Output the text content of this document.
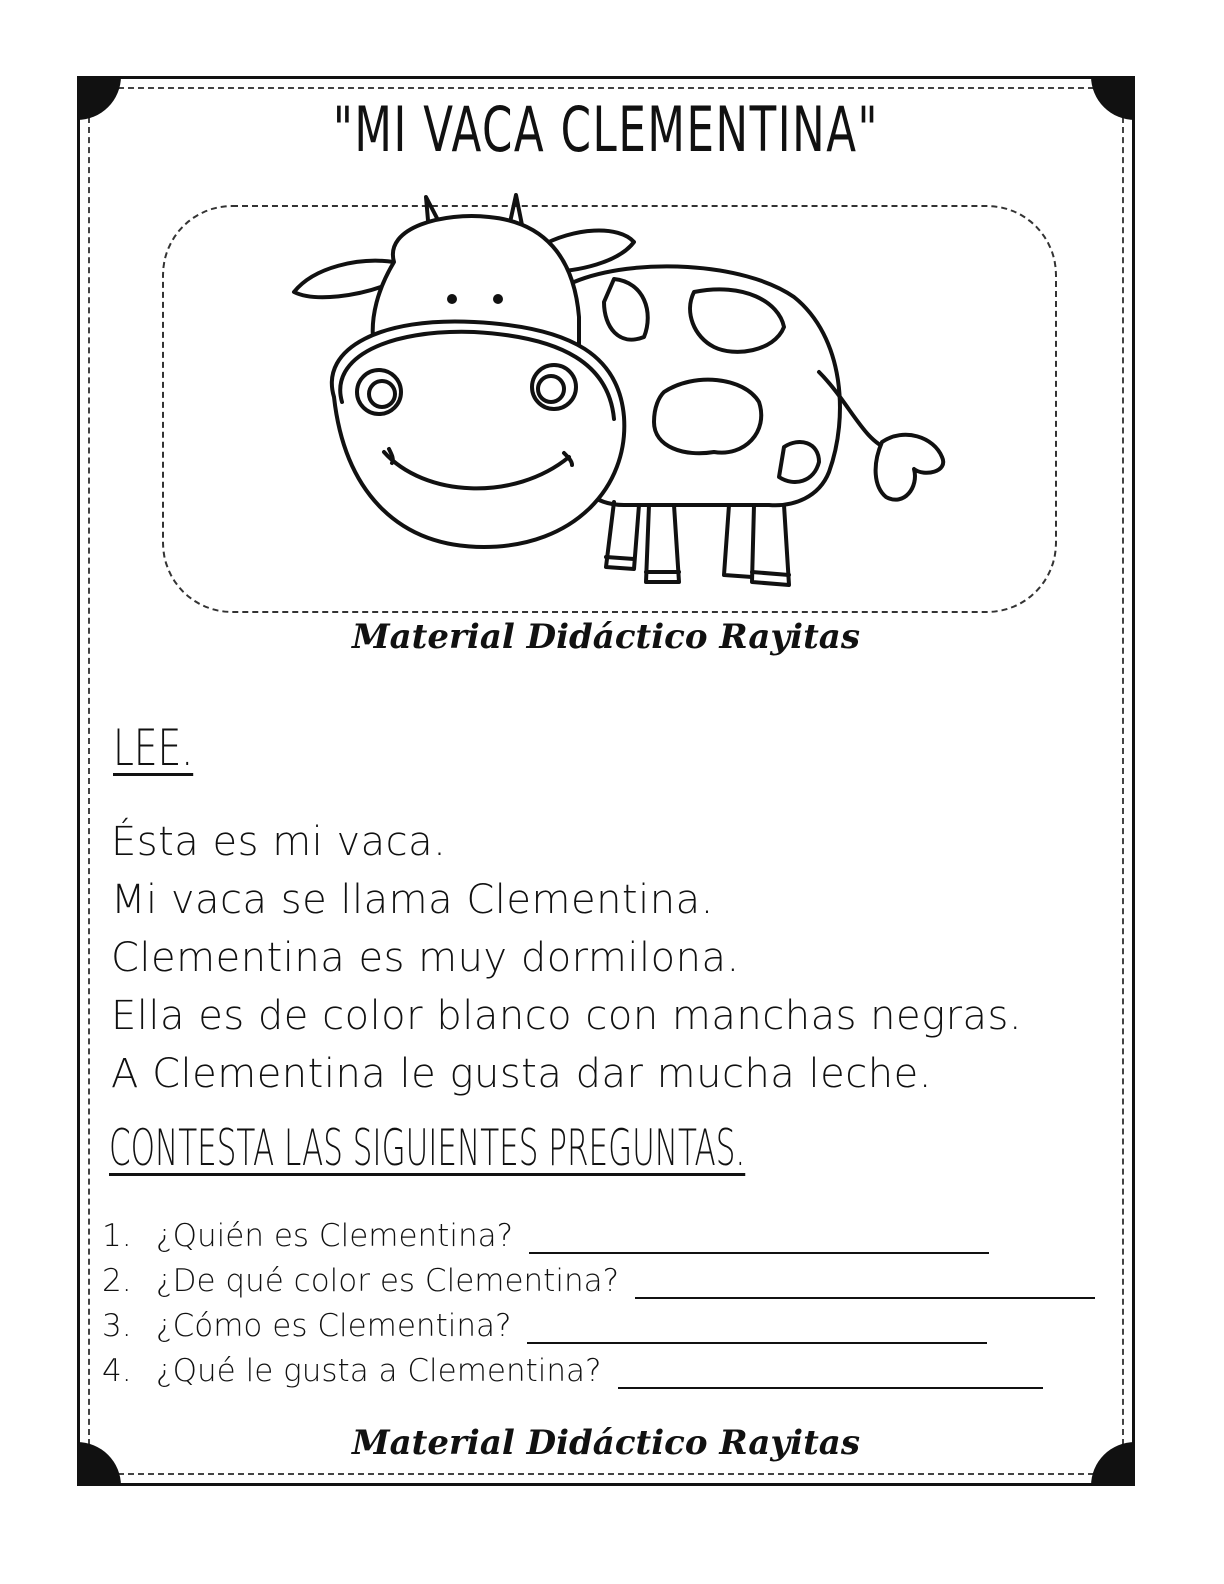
"MI VACA CLEMENTINA"
Material Didáctico Rayitas
LEE.
Ésta es mi vaca.
Mi vaca se llama Clementina.
Clementina es muy dormilona.
Ella es de color blanco con manchas negras.
A Clementina le gusta dar mucha leche.
CONTESTA LAS SIGUIENTES PREGUNTAS.
1. ¿Quién es Clementina?
2. ¿De qué color es Clementina?
3. ¿Cómo es Clementina?
4. ¿Qué le gusta a Clementina?
Material Didáctico Rayitas
